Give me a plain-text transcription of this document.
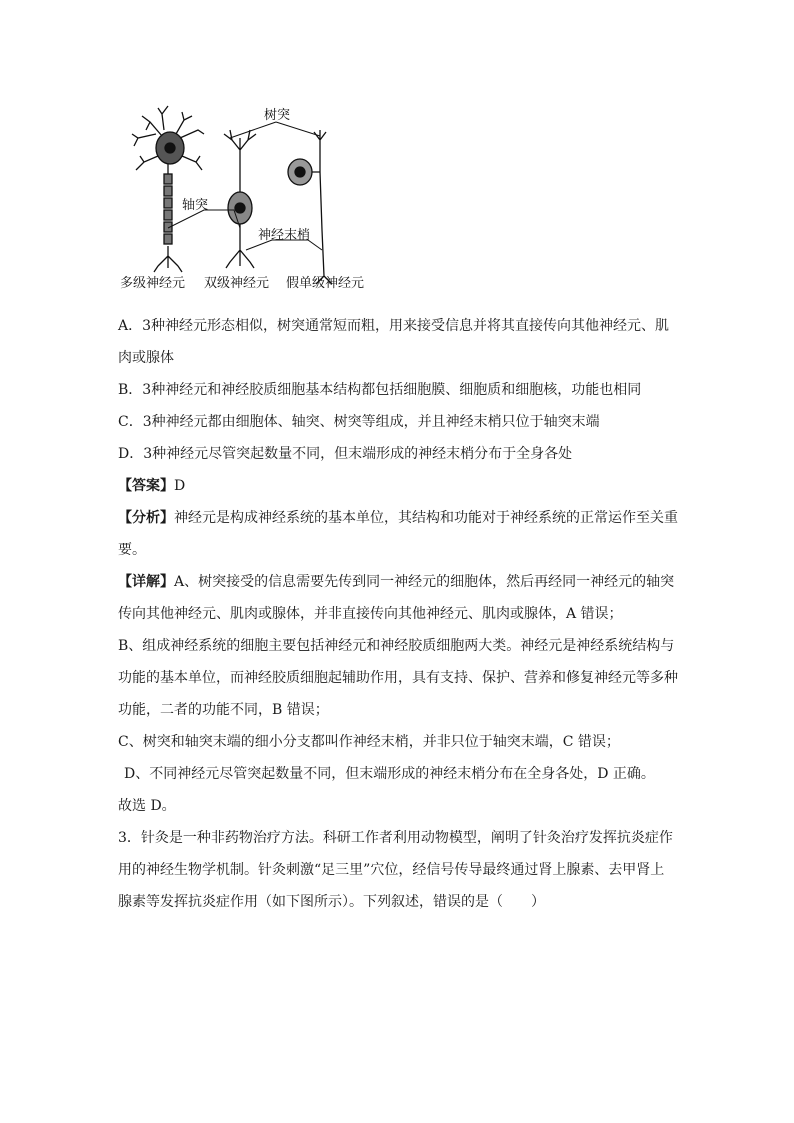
树突
轴突
神经末梢
多级神经元 双级神经元 假单级神经元

A．3种神经元形态相似，树突通常短而粗，用来接受信息并将其直接传向其他神经元、肌

肉或腺体

B．3种神经元和神经胶质细胞基本结构都包括细胞膜、细胞质和细胞核，功能也相同

C．3种神经元都由细胞体、轴突、树突等组成，并且神经末梢只位于轴突末端

D．3种神经元尽管突起数量不同，但末端形成的神经末梢分布于全身各处

【答案】D

【分析】神经元是构成神经系统的基本单位，其结构和功能对于神经系统的正常运作至关重

要。

【详解】A、树突接受的信息需要先传到同一神经元的细胞体，然后再经同一神经元的轴突

传向其他神经元、肌肉或腺体，并非直接传向其他神经元、肌肉或腺体，A 错误；

B、组成神经系统的细胞主要包括神经元和神经胶质细胞两大类。神经元是神经系统结构与

功能的基本单位，而神经胶质细胞起辅助作用，具有支持、保护、营养和修复神经元等多种

功能，二者的功能不同，B 错误；

C、树突和轴突末端的细小分支都叫作神经末梢，并非只位于轴突末端，C 错误；

D、不同神经元尽管突起数量不同，但末端形成的神经末梢分布在全身各处，D 正确。

故选 D。

3．针灸是一种非药物治疗方法。科研工作者利用动物模型，阐明了针灸治疗发挥抗炎症作

用的神经生物学机制。针灸刺激“足三里”穴位，经信号传导最终通过肾上腺素、去甲肾上

腺素等发挥抗炎症作用（如下图所示）。下列叙述，错误的是（　　）
